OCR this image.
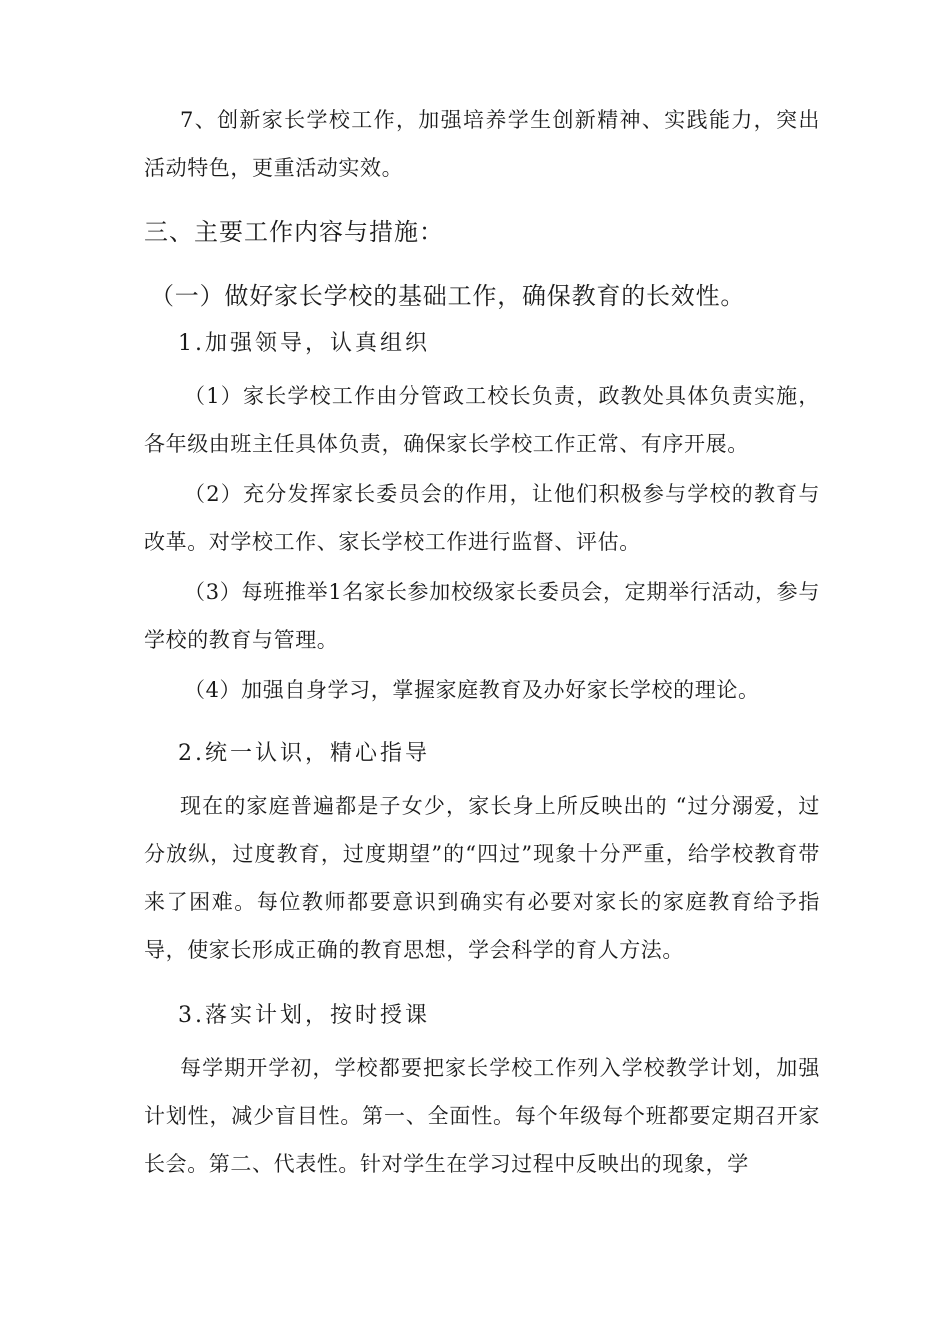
7、创新家长学校工作，加强培养学生创新精神、实践能力，突出活动特色，更重活动实效。

三、主要工作内容与措施：
（一）做好家长学校的基础工作，确保教育的长效性。
1.加强领导，认真组织

（1）家长学校工作由分管政工校长负责，政教处具体负责实施，各年级由班主任具体负责，确保家长学校工作正常、有序开展。

（2）充分发挥家长委员会的作用，让他们积极参与学校的教育与改革。对学校工作、家长学校工作进行监督、评估。

（3）每班推举1名家长参加校级家长委员会，定期举行活动，参与学校的教育与管理。

（4）加强自身学习，掌握家庭教育及办好家长学校的理论。

2.统一认识，精心指导

现在的家庭普遍都是子女少，家长身上所反映出的 “过分溺爱，过分放纵，过度教育，过度期望”的“四过”现象十分严重，给学校教育带来了困难。每位教师都要意识到确实有必要对家长的家庭教育给予指导，使家长形成正确的教育思想，学会科学的育人方法。

3.落实计划，按时授课

每学期开学初，学校都要把家长学校工作列入学校教学计划，加强计划性，减少盲目性。第一、全面性。每个年级每个班都要定期召开家长会。第二、代表性。针对学生在学习过程中反映出的现象，学
